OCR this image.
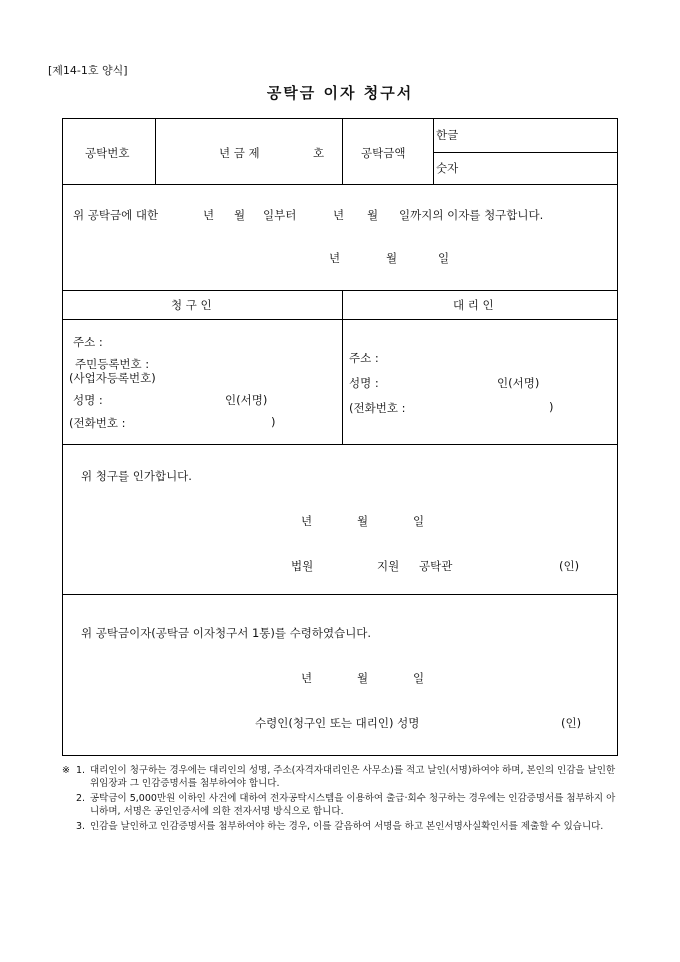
[제14-1호 양식]
공탁금 이자 청구서
공탁번호	년 금 제	호	공탁금액
한글
숫자
위 공탁금에 대한	년 월 일부터	년 월 일까지의 이자를 청구합니다.
년	월	일
청 구 인	대 리 인
주소 :
주민등록번호 :
(사업자등록번호)
성명 :	인(서명)
(전화번호 :	)
주소 :
성명 :	인(서명)
(전화번호 :	)
위 청구를 인가합니다.
년	월	일
법원	지원 공탁관	(인)
위 공탁금이자(공탁금 이자청구서 1통)를 수령하였습니다.
년	월	일
수령인(청구인 또는 대리인) 성명	(인)
※ 1. 대리인이 청구하는 경우에는 대리인의 성명, 주소(자격자대리인은 사무소)를 적고 날인(서명)하여야 하며, 본인의 인감을 날인한 위임장과 그 인감증명서를 첨부하여야 합니다.
2. 공탁금이 5,000만원 이하인 사건에 대하여 전자공탁시스템을 이용하여 출급·회수 청구하는 경우에는 인감증명서를 첨부하지 아니하며, 서명은 공인인증서에 의한 전자서명 방식으로 합니다.
3. 인감을 날인하고 인감증명서를 첨부하여야 하는 경우, 이를 갈음하여 서명을 하고 본인서명사실확인서를 제출할 수 있습니다.
